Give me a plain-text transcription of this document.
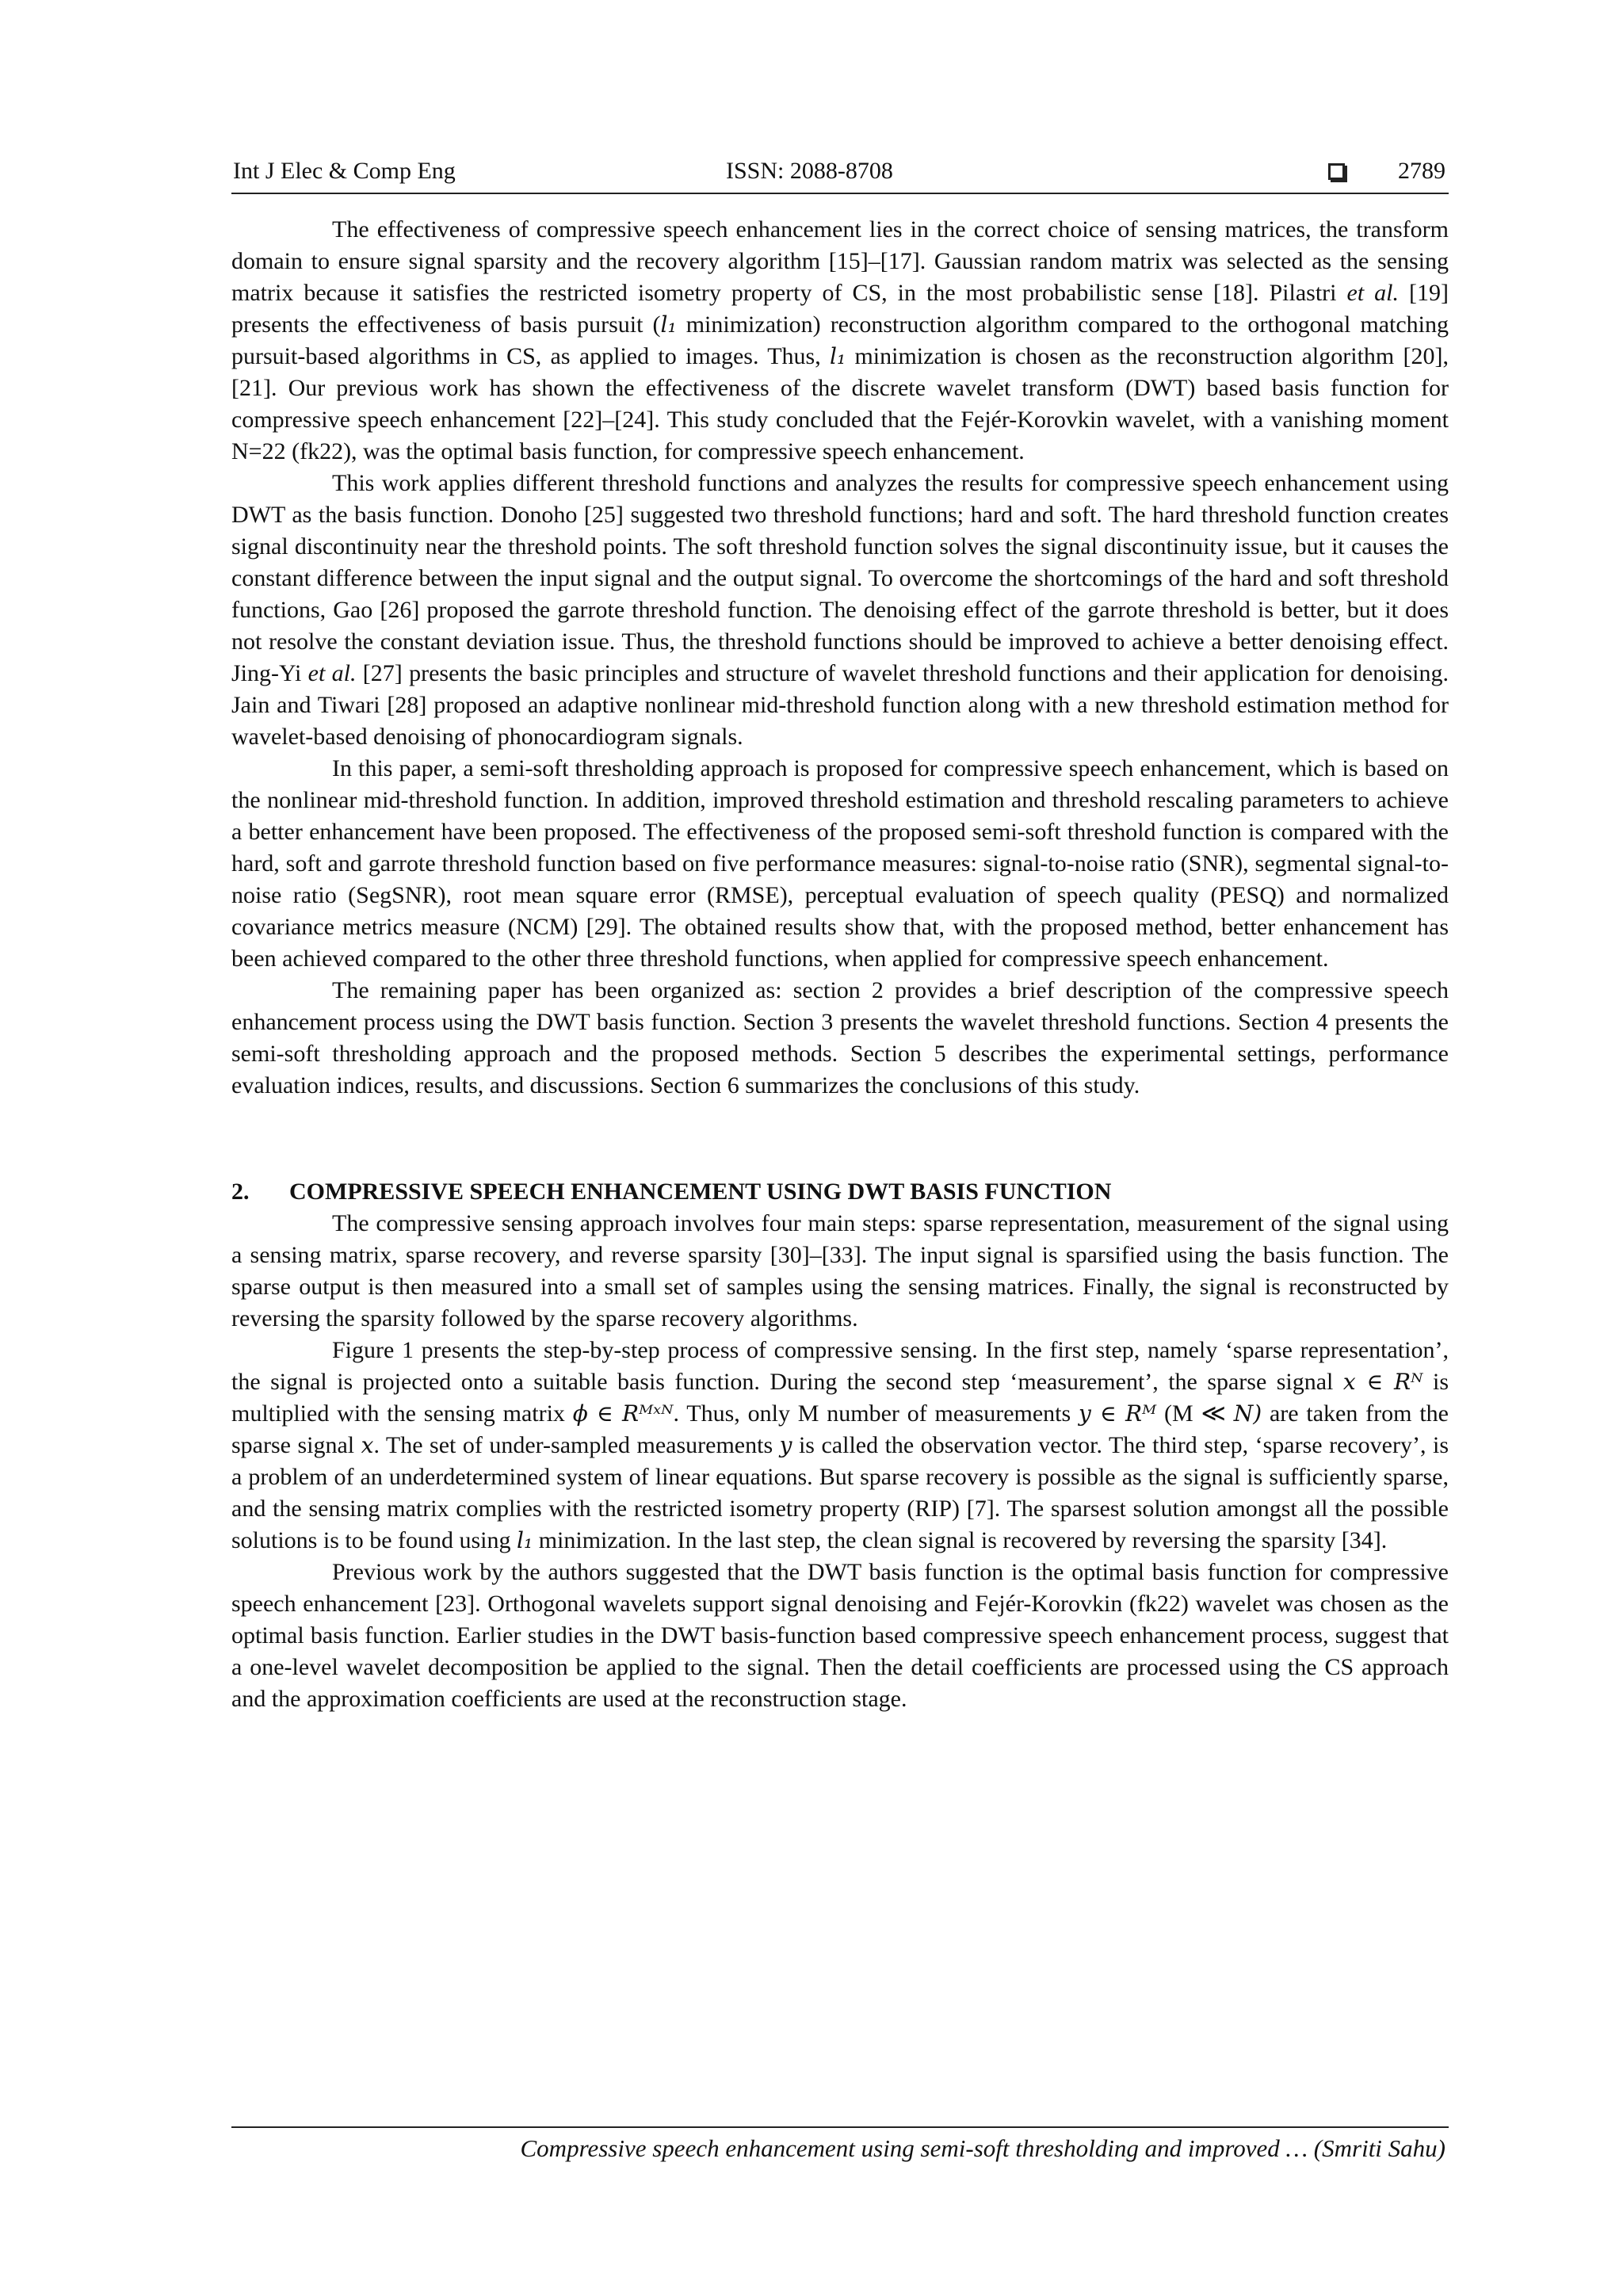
Int J Elec & Comp Eng	ISSN: 2088-8708	2789

The effectiveness of compressive speech enhancement lies in the correct choice of sensing matrices, the transform domain to ensure signal sparsity and the recovery algorithm [15]–[17]. Gaussian random matrix was selected as the sensing matrix because it satisfies the restricted isometry property of CS, in the most probabilistic sense [18]. Pilastri et al. [19] presents the effectiveness of basis pursuit (l₁ minimization) reconstruction algorithm compared to the orthogonal matching pursuit-based algorithms in CS, as applied to images. Thus, l₁ minimization is chosen as the reconstruction algorithm [20], [21]. Our previous work has shown the effectiveness of the discrete wavelet transform (DWT) based basis function for compressive speech enhancement [22]–[24]. This study concluded that the Fejér-Korovkin wavelet, with a vanishing moment N=22 (fk22), was the optimal basis function, for compressive speech enhancement.

This work applies different threshold functions and analyzes the results for compressive speech enhancement using DWT as the basis function. Donoho [25] suggested two threshold functions; hard and soft. The hard threshold function creates signal discontinuity near the threshold points. The soft threshold function solves the signal discontinuity issue, but it causes the constant difference between the input signal and the output signal. To overcome the shortcomings of the hard and soft threshold functions, Gao [26] proposed the garrote threshold function. The denoising effect of the garrote threshold is better, but it does not resolve the constant deviation issue. Thus, the threshold functions should be improved to achieve a better denoising effect. Jing-Yi et al. [27] presents the basic principles and structure of wavelet threshold functions and their application for denoising. Jain and Tiwari [28] proposed an adaptive nonlinear mid-threshold function along with a new threshold estimation method for wavelet-based denoising of phonocardiogram signals.

In this paper, a semi-soft thresholding approach is proposed for compressive speech enhancement, which is based on the nonlinear mid-threshold function. In addition, improved threshold estimation and threshold rescaling parameters to achieve a better enhancement have been proposed. The effectiveness of the proposed semi-soft threshold function is compared with the hard, soft and garrote threshold function based on five performance measures: signal-to-noise ratio (SNR), segmental signal-to-noise ratio (SegSNR), root mean square error (RMSE), perceptual evaluation of speech quality (PESQ) and normalized covariance metrics measure (NCM) [29]. The obtained results show that, with the proposed method, better enhancement has been achieved compared to the other three threshold functions, when applied for compressive speech enhancement.

The remaining paper has been organized as: section 2 provides a brief description of the compressive speech enhancement process using the DWT basis function. Section 3 presents the wavelet threshold functions. Section 4 presents the semi-soft thresholding approach and the proposed methods. Section 5 describes the experimental settings, performance evaluation indices, results, and discussions. Section 6 summarizes the conclusions of this study.

2. COMPRESSIVE SPEECH ENHANCEMENT USING DWT BASIS FUNCTION

The compressive sensing approach involves four main steps: sparse representation, measurement of the signal using a sensing matrix, sparse recovery, and reverse sparsity [30]–[33]. The input signal is sparsified using the basis function. The sparse output is then measured into a small set of samples using the sensing matrices. Finally, the signal is reconstructed by reversing the sparsity followed by the sparse recovery algorithms.

Figure 1 presents the step-by-step process of compressive sensing. In the first step, namely ‘sparse representation’, the signal is projected onto a suitable basis function. During the second step ‘measurement’, the sparse signal x ∈ Rᴺ is multiplied with the sensing matrix ϕ ∈ Rᴹˣᴺ. Thus, only M number of measurements y ∈ Rᴹ (M ≪ N) are taken from the sparse signal x. The set of under-sampled measurements y is called the observation vector. The third step, ‘sparse recovery’, is a problem of an underdetermined system of linear equations. But sparse recovery is possible as the signal is sufficiently sparse, and the sensing matrix complies with the restricted isometry property (RIP) [7]. The sparsest solution amongst all the possible solutions is to be found using l₁ minimization. In the last step, the clean signal is recovered by reversing the sparsity [34].

Previous work by the authors suggested that the DWT basis function is the optimal basis function for compressive speech enhancement [23]. Orthogonal wavelets support signal denoising and Fejér-Korovkin (fk22) wavelet was chosen as the optimal basis function. Earlier studies in the DWT basis-function based compressive speech enhancement process, suggest that a one-level wavelet decomposition be applied to the signal. Then the detail coefficients are processed using the CS approach and the approximation coefficients are used at the reconstruction stage.

Compressive speech enhancement using semi-soft thresholding and improved … (Smriti Sahu)
